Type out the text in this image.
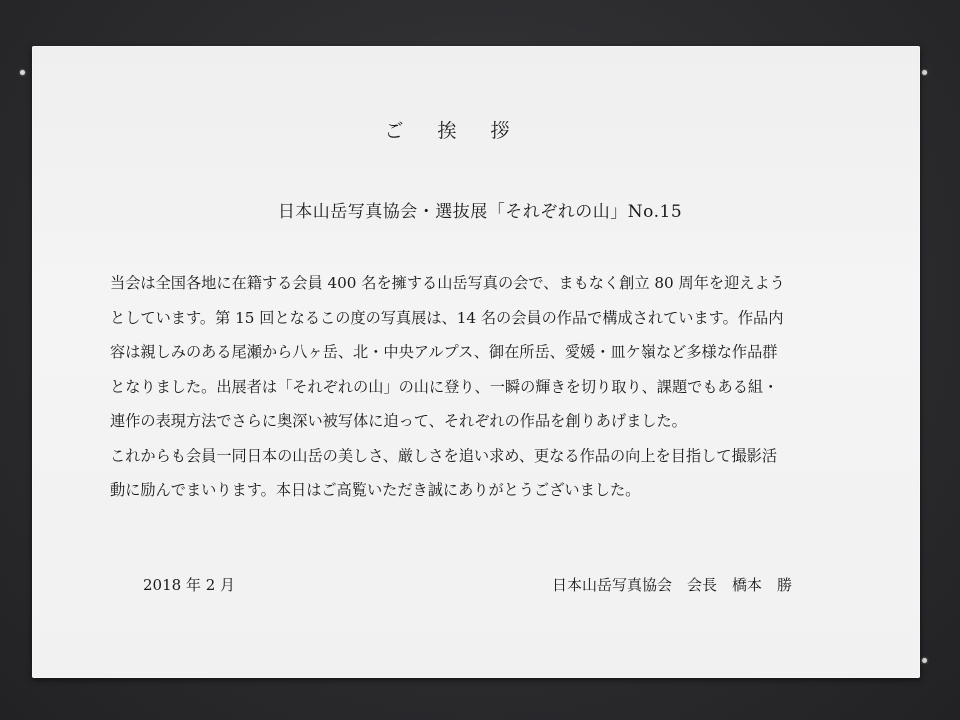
ご 挨 拶
日本山岳写真協会・選抜展「それぞれの山」No.15
当会は全国各地に在籍する会員 400 名を擁する山岳写真の会で、まもなく創立 80 周年を迎えよう
としています。第 15 回となるこの度の写真展は、14 名の会員の作品で構成されています。作品内
容は親しみのある尾瀬から八ヶ岳、北・中央アルプス、御在所岳、愛媛・皿ケ嶺など多様な作品群
となりました。出展者は「それぞれの山」の山に登り、一瞬の輝きを切り取り、課題でもある組・
連作の表現方法でさらに奥深い被写体に迫って、それぞれの作品を創りあげました。
これからも会員一同日本の山岳の美しさ、厳しさを追い求め、更なる作品の向上を目指して撮影活
動に励んでまいります。本日はご高覧いただき誠にありがとうございました。
2018 年 2 月	日本山岳写真協会　会長　橋本　勝
